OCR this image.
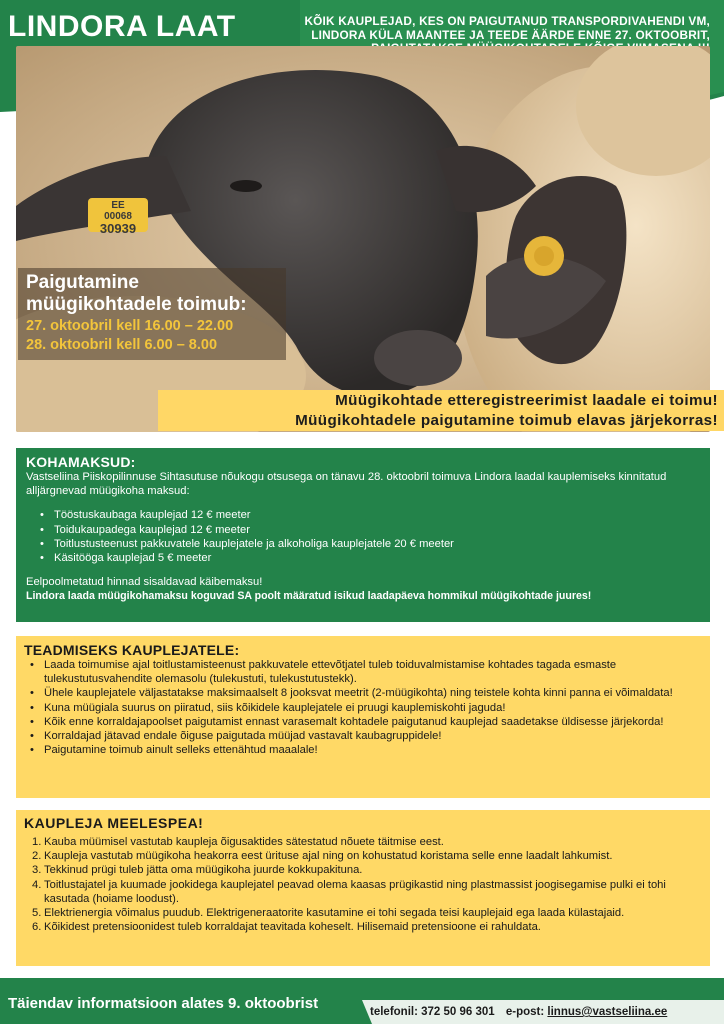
LINDORA LAAT	KÕIK KAUPLEJAD, KES ON PAIGUTANUD TRANSPORDIVAHENDI VM, LINDORA KÜLA MAANTEE JA TEEDE ÄÄRDE ENNE 27. OKTOOBRIT,
EE
00068
30939
Paigutamine müügikohtadele toimub:
27. oktoobril kell 16.00 – 22.00
28. oktoobril kell 6.00 – 8.00
Müügikohtade etteregistreerimist laadale ei toimu!
Müügikohtadele paigutamine toimub elavas järjekorras!
KOHAMAKSUD:
Vastseliina Piiskopilinnuse Sihtasutuse nõukogu otsusega on tänavu 28. oktoobril toimuva Lindora laadal kauplemiseks kinnitatud alljärgnevad müügikoha maksud:
• Tööstuskaubaga kauplejad 12 € meeter
• Toidukaupadega kauplejad 12 € meeter
• Toitlustusteenust pakkuvatele kauplejatele ja alkoholiga kauplejatele 20 € meeter
• Käsitööga kauplejad 5 € meeter
Eelpoolmetatud hinnad sisaldavad käibemaksu!
Lindora laada müügikohamaksu koguvad SA poolt määratud isikud laadapäeva hommikul müügikohtade juures!
TEADMISEKS KAUPLEJATELE:
• Laada toimumise ajal toitlustamisteenust pakkuvatele ettevõtjatel tuleb toiduvalmistamise kohtades tagada esmaste tulekustutusvahendite olemasolu (tulekustuti, tulekustutustekk).
• Ühele kauplejatele väljastatakse maksimaalselt 8 jooksvat meetrit (2-müügikohta) ning teistele kohta kinni panna ei võimaldata!
• Kuna müügiala suurus on piiratud, siis kõikidele kauplejatele ei pruugi kauplemiskohti jaguda!
• Kõik enne korraldajapoolset paigutamist ennast varasemalt kohtadele paigutanud kauplejad saadetakse üldisesse järjekorda!
• Korraldajad jätavad endale õiguse paigutada müüjad vastavalt kaubagruppidele!
• Paigutamine toimub ainult selleks ettenähtud maaalale!
KAUPLEJA MEELESPEA!
Kauba müümisel vastutab kaupleja õigusaktides sätestatud nõuete täitmise eest.
Kaupleja vastutab müügikoha heakorra eest ürituse ajal ning on kohustatud koristama selle enne laadalt lahkumist.
Tekkinud prügi tuleb jätta oma müügikoha juurde kokkupakituna.
Toitlustajatel ja kuumade jookidega kauplejatel peavad olema kaasas prügikastid ning plastmassist joogisegamise pulki ei tohi kasutada (hoiame loodust).
Elektrienergia võimalus puudub. Elektrigeneraatorite kasutamine ei tohi segada teisi kauplejaid ega laada külastajaid.
Kõikidest pretensioonidest tuleb korraldajat teavitada koheselt. Hilisemaid pretensioone ei rahuldata.
Täiendav informatsioon alates 9. oktoobrist	telefonil: 372 50 96 301 e-post: linnus@vastseliina.ee
